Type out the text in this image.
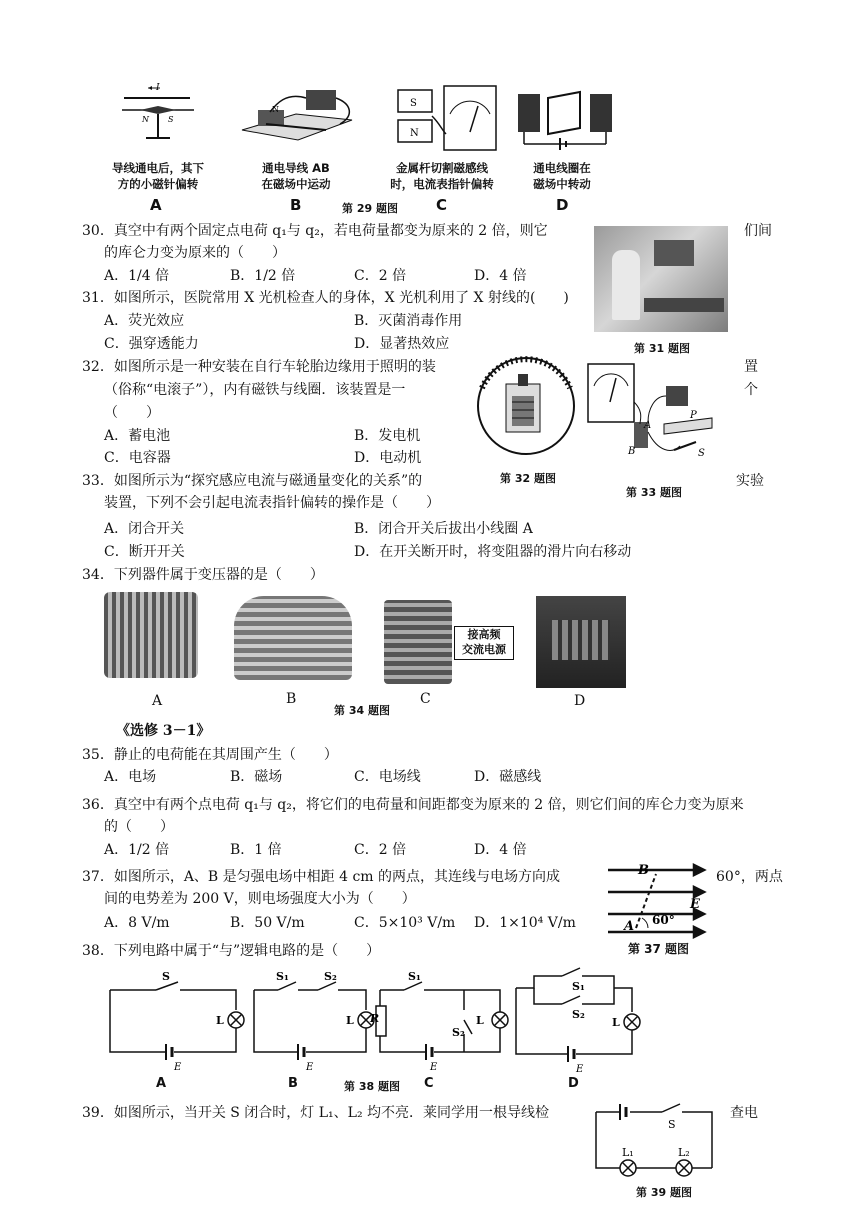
I
N S
N
S
N
导线通电后，其下
方的小磁针偏转
通电导线 AB
在磁场中运动
金属杆切割磁感线
时，电流表指针偏转
通电线圈在
磁场中转动
A	B	第 29 题图	C	D
30．真空中有两个固定点电荷 q₁与 q₂，若电荷量都变为原来的 2 倍，则它	们间
的库仑力变为原来的（　　）
A．1/4 倍	B．1/2 倍	C．2 倍	D．4 倍
第 31 题图
31．如图所示，医院常用 X 光机检查人的身体，X 光机利用了 X 射线的(　　)
A．荧光效应	B．灭菌消毒作用
C．强穿透能力	D．显著热效应
32．如图所示是一种安装在自行车轮胎边缘用于照明的装	置
（俗称“电滚子”），内有磁铁与线圈．该装置是一	个
（　　）
A．蓄电池	B．发电机
C．电容器	D．电动机
第 32 题图
A
B
P
S
第 33 题图
33．如图所示为“探究感应电流与磁通量变化的关系”的	实验
装置，下列不会引起电流表指针偏转的操作是（　　）
A．闭合开关	B．闭合开关后拔出小线圈 A
C．断开开关	D．在开关断开时，将变阻器的滑片向右移动
34．下列器件属于变压器的是（　　）
接高频
交流电源
A	B
第 34 题图
C	D
《选修 3－1》
35．静止的电荷能在其周围产生（　　）
A．电场	B．磁场	C．电场线	D．磁感线
36．真空中有两个点电荷 q₁与 q₂，将它们的电荷量和间距都变为原来的 2 倍，则它们间的库仑力变为原来
的（　　）
A．1/2 倍	B．1 倍	C．2 倍	D．4 倍
37．如图所示，A、B 是匀强电场中相距 4 cm 的两点，其连线与电场方向成	60°，两点
间的电势差为 200 V，则电场强度大小为（　　）
A．8 V/m	B．50 V/m	C．5×10³ V/m D．1×10⁴ V/m
B
A
E
60°
第 37 题图
38．下列电路中属于“与”逻辑电路的是（　　）
S
L
E
A
S₁	S₂
L
E
B
R
S₁
S₂
L
E
第 38 题图 C
S₁
S₂
L
E
D
39．如图所示，当开关 S 闭合时，灯 L₁、L₂ 均不亮．莱同学用一根导线检	查电
S
L₁	L₂
第 39 题图
